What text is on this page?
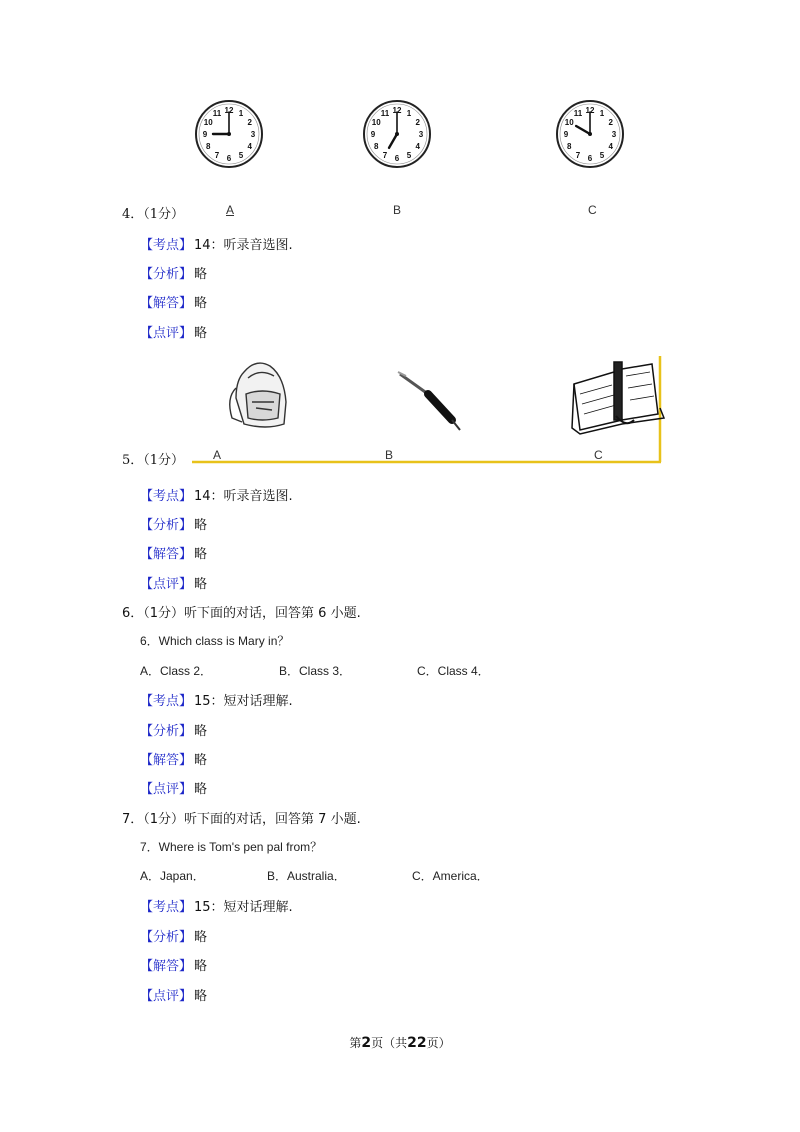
12 1
2
3
4
5
6
7
8
9
10
11	12 1
2
3
4
5
6
7
8
9
10
11	12 1
2
3
4
5
6
7
8
9
10
11
4．（1分）	A	B	C
【考点】 14：听录音选图.
【分析】 略
【解答】 略
【点评】 略
5．（1分） A	B	C
【考点】 14：听录音选图.
【分析】 略
【解答】 略
【点评】 略
6．（1分）听下面的对话，回答第 6 小题.
6．Which class is Mary in？
A．Class 2．	B．Class 3．	C．Class 4．
【考点】 15：短对话理解.
【分析】 略
【解答】 略
【点评】 略
7．（1分）听下面的对话，回答第 7 小题.
7．Where is Tom's pen pal from？
A．Japan．	B．Australia．	C．America．
【考点】 15：短对话理解.
【分析】 略
【解答】 略
【点评】 略
第2页（共22页）
